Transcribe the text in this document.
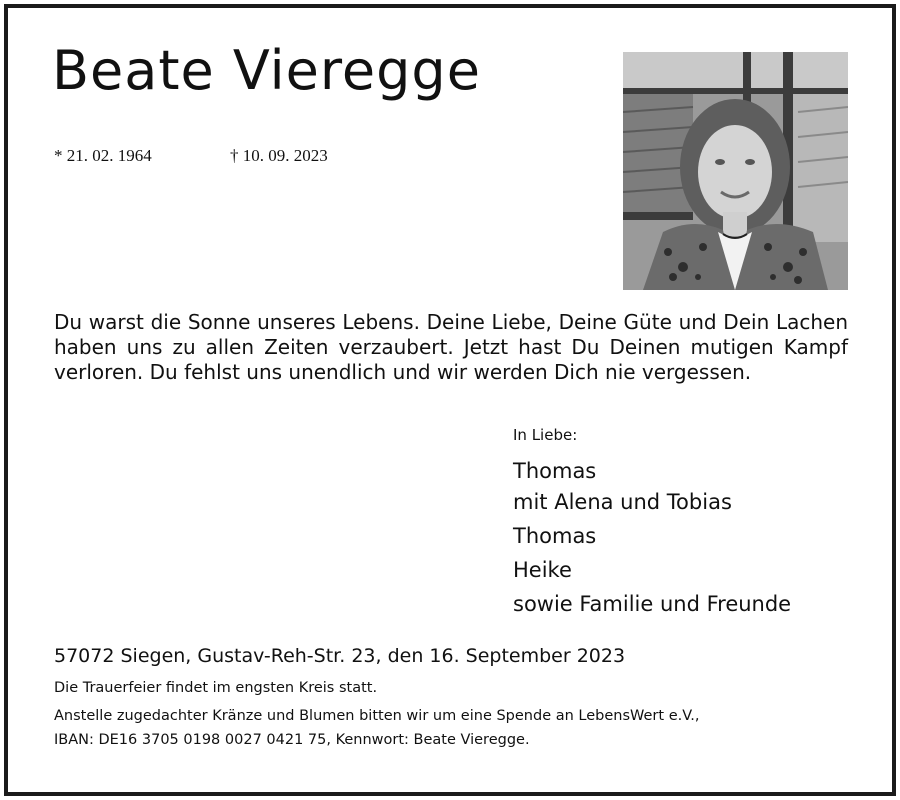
Beate Vieregge
* 21. 02. 1964	† 10. 09. 2023
Du warst die Sonne unseres Lebens. Deine Liebe, Deine Güte und Dein Lachen haben uns zu allen Zeiten verzaubert. Jetzt hast Du Deinen mutigen Kampf verloren. Du fehlst uns unendlich und wir werden Dich nie vergessen.
In Liebe:
Thomas
mit Alena und Tobias
Thomas
Heike
sowie Familie und Freunde
57072 Siegen, Gustav-Reh-Str. 23, den 16. September 2023
Die Trauerfeier findet im engsten Kreis statt.
Anstelle zugedachter Kränze und Blumen bitten wir um eine Spende an LebensWert e.V.,
IBAN: DE16 3705 0198 0027 0421 75, Kennwort: Beate Vieregge.
